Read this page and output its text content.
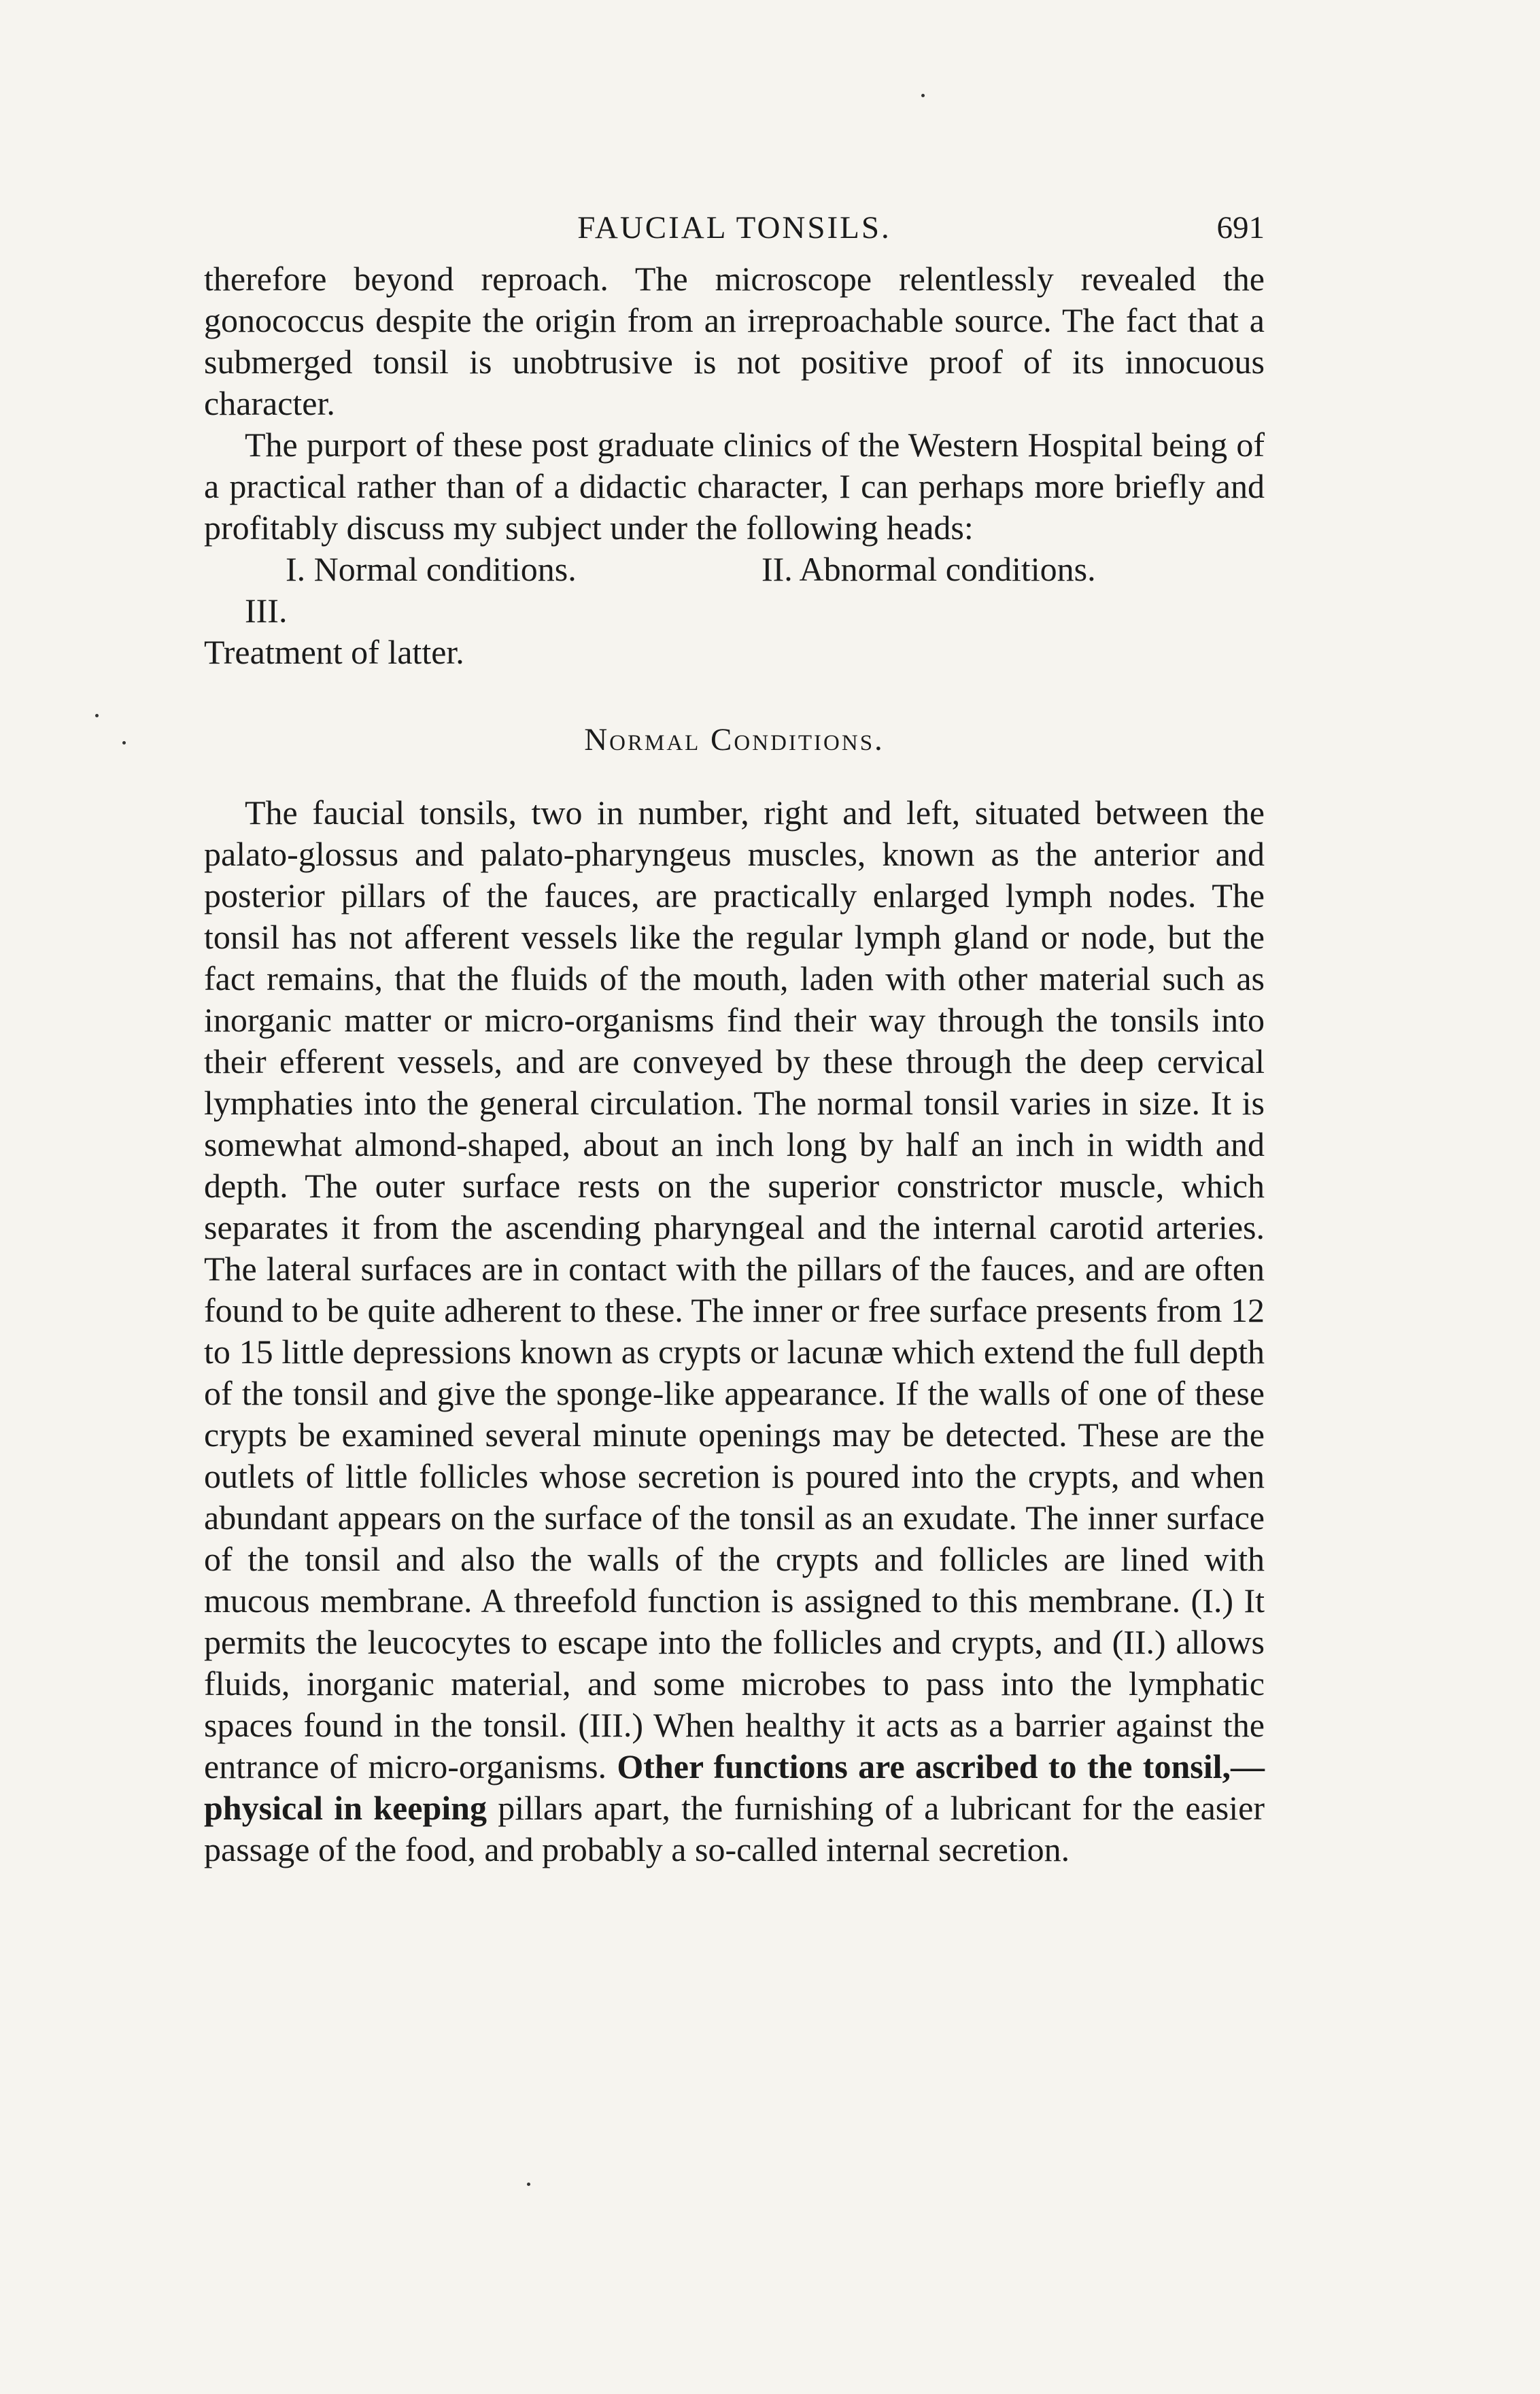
FAUCIAL TONSILS.	691

therefore beyond reproach. The microscope relentlessly revealed the gonococcus despite the origin from an irreproachable source. The fact that a submerged tonsil is unobtrusive is not positive proof of its innocuous character.

The purport of these post graduate clinics of the Western Hospital being of a practical rather than of a didactic character, I can perhaps more briefly and profitably discuss my subject under the following heads:

I. Normal conditions.	II. Abnormal conditions.III.

Treatment of latter.

Normal Conditions.

The faucial tonsils, two in number, right and left, situated between the palato-glossus and palato-pharyngeus muscles, known as the anterior and posterior pillars of the fauces, are practically enlarged lymph nodes. The tonsil has not afferent vessels like the regular lymph gland or node, but the fact remains, that the fluids of the mouth, laden with other material such as inorganic matter or micro-organisms find their way through the tonsils into their efferent vessels, and are conveyed by these through the deep cervical lymphaties into the general circulation. The normal tonsil varies in size. It is somewhat almond-shaped, about an inch long by half an inch in width and depth. The outer surface rests on the superior constrictor muscle, which separates it from the ascending pharyngeal and the internal carotid arteries. The lateral surfaces are in contact with the pillars of the fauces, and are often found to be quite adherent to these. The inner or free surface presents from 12 to 15 little depressions known as crypts or lacunæ which extend the full depth of the tonsil and give the sponge-like appearance. If the walls of one of these crypts be examined several minute openings may be detected. These are the outlets of little follicles whose secretion is poured into the crypts, and when abundant appears on the surface of the tonsil as an exudate. The inner surface of the tonsil and also the walls of the crypts and follicles are lined with mucous membrane. A threefold function is assigned to this membrane. (I.) It permits the leucocytes to escape into the follicles and crypts, and (II.) allows fluids, inorganic material, and some microbes to pass into the lymphatic spaces found in the tonsil. (III.) When healthy it acts as a barrier against the entrance of micro-organisms. Other functions are ascribed to the tonsil,—physical in keeping pillars apart, the furnishing of a lubricant for the easier passage of the food, and probably a so-called internal secretion.
